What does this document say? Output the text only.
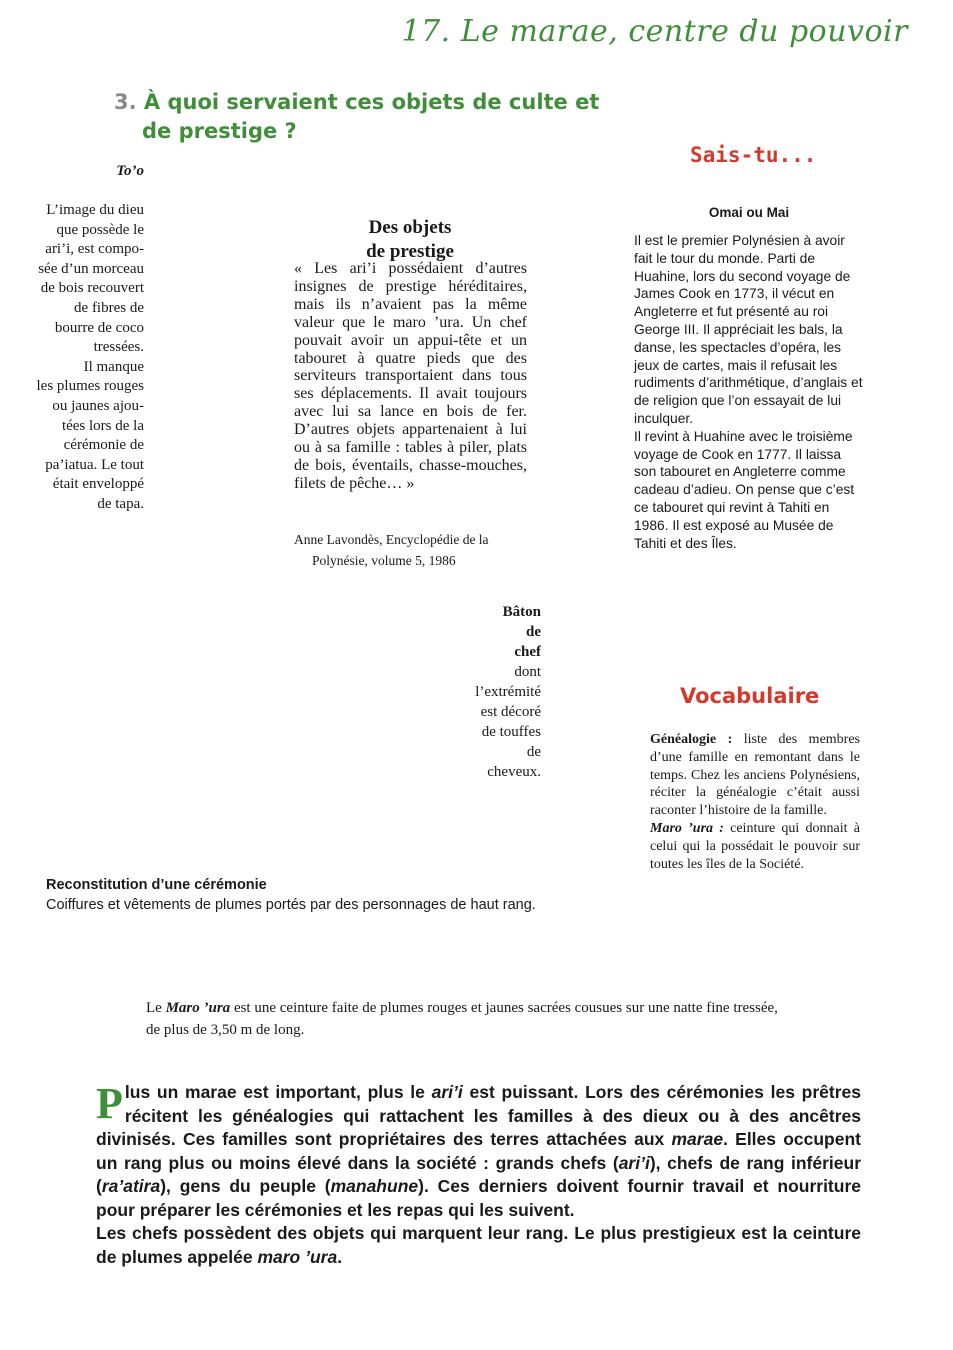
17. Le marae, centre du pouvoir
3. À quoi servaient ces objets de culte et
de prestige ?
To’o
L’image du dieu
que possède le
ari’i, est compo-
sée d’un morceau
de bois recouvert
de fibres de
bourre de coco
tressées.
Il manque
les plumes rouges
ou jaunes ajou-
tées lors de la
cérémonie de
pa’iatua. Le tout
était enveloppé
de tapa.
Des objets
de prestige
« Les ari’i possédaient d’autres insignes de prestige héréditaires, mais ils n’avaient pas la même valeur que le maro ’ura. Un chef pouvait avoir un appui-tête et un tabouret à quatre pieds que des serviteurs transportaient dans tous ses déplacements. Il avait toujours avec lui sa lance en bois de fer. D’autres objets appartenaient à lui ou à sa famille : tables à piler, plats de bois, éventails, chasse-mouches, filets de pêche… »
Anne Lavondès, Encyclopédie de la
Polynésie, volume 5, 1986
Sais-tu...
Omai ou Mai
Il est le premier Polynésien à avoir fait le tour du monde. Parti de Huahine, lors du second voyage de James Cook en 1773, il vécut en Angleterre et fut présenté au roi George III. Il appréciait les bals, la danse, les spectacles d’opéra, les jeux de cartes, mais il refusait les rudiments d’arithmétique, d’anglais et de religion que l’on essayait de lui inculquer.
Il revint à Huahine avec le troisième voyage de Cook en 1777. Il laissa son tabouret en Angleterre comme cadeau d’adieu. On pense que c’est ce tabouret qui revint à Tahiti en 1986. Il est exposé au Musée de Tahiti et des Îles.
Bâton
de
chef
dont
l’extrémité
est décoré
de touffes
de
cheveux.
Vocabulaire
Généalogie : liste des membres d’une famille en remontant dans le temps. Chez les anciens Polynésiens, réciter la généalogie c’était aussi raconter l’histoire de la famille.
Maro ’ura : ceinture qui donnait à celui qui la possédait le pouvoir sur toutes les îles de la Société.
Reconstitution d’une cérémonie
Coiffures et vêtements de plumes portés par des personnages de haut rang.
Le Maro ’ura est une ceinture faite de plumes rouges et jaunes sacrées cousues sur une natte fine tressée, de plus de 3,50 m de long.
Plus un marae est important, plus le ari’i est puissant. Lors des cérémonies les prêtres récitent les généalogies qui rattachent les familles à des dieux ou à des ancêtres divinisés. Ces familles sont propriétaires des terres attachées aux marae. Elles occupent un rang plus ou moins élevé dans la société : grands chefs (ari’i), chefs de rang inférieur (ra’atira), gens du peuple (manahune). Ces derniers doivent fournir travail et nourriture pour préparer les cérémonies et les repas qui les suivent.
Les chefs possèdent des objets qui marquent leur rang. Le plus prestigieux est la ceinture de plumes appelée maro ’ura.
